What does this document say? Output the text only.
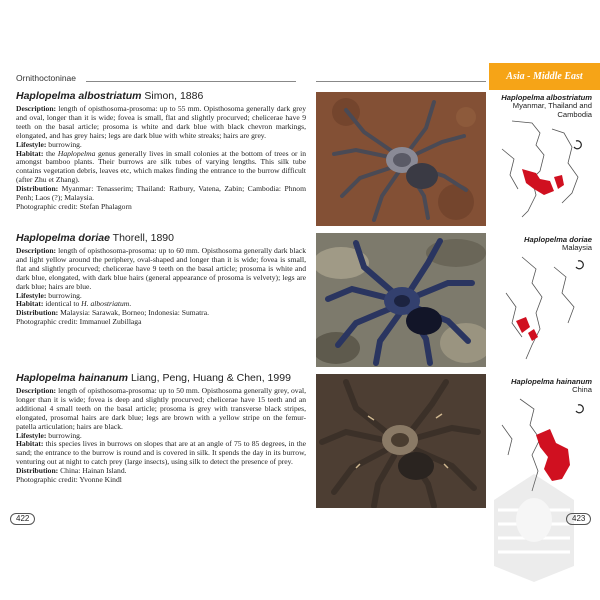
Ornithoctoninae	Asia - Middle East
Haplopelma albostriatum Simon, 1886

Description: length of opisthosoma-prosoma: up to 55 mm. Opisthosoma generally dark grey and oval, longer than it is wide; fovea is small, flat and slightly procurved; chelicerae have 9 teeth on the basal article; prosoma is white and dark blue with black chevron markings, elongated, and has grey hairs; legs are dark blue with white streaks; hairs are grey.

Lifestyle: burrowing.

Habitat: the Haplopelma genus generally lives in small colonies at the bottom of trees or in amongst bamboo plants. Their burrows are silk tubes of varying lengths. This silk tube contains vegetation debris, leaves etc, which makes finding the entrance to the burrow difficult (after Zhu et Zhang).

Distribution: Myanmar: Tenasserim; Thailand: Ratbury, Vatena, Zabin; Cambodia: Phnom Penh; Laos (?); Malaysia.

Photographic credit: Stefan Phalagorn

Haplopelma doriae Thorell, 1890

Description: length of opisthosoma-prosoma: up to 60 mm. Opisthosoma generally dark black and light yellow around the periphery, oval-shaped and longer than it is wide; fovea is small, flat and slightly procurved; chelicerae have 9 teeth on the basal article; prosoma is white and dark blue, elongated, with dark blue hairs (general appearance of prosoma is velvety); legs are dark blue; hairs are blue.

Lifestyle: burrowing.

Habitat: identical to H. albostriatum.

Distribution: Malaysia: Sarawak, Borneo; Indonesia: Sumatra.

Photographic credit: Immanuel Zubillaga

Haplopelma hainanum Liang, Peng, Huang & Chen, 1999

Description: length of opisthosoma-prosoma: up to 50 mm. Opisthosoma generally grey, oval, longer than it is wide; fovea is deep and slightly procurved; chelicerae have 15 teeth and an additional 4 small teeth on the basal article; prosoma is grey with transverse black stripes, elongated, prosomal hairs are dark blue; legs are brown with a yellow stripe on the femur-patella articulation; hairs are black.

Lifestyle: burrowing.

Habitat: this species lives in burrows on slopes that are at an angle of 75 to 85 degrees, in the sand; the entrance to the burrow is round and is covered in silk. It spends the day in its burrow, venturing out at night to catch prey (large insects), using silk to detect the presence of prey.

Distribution: China: Hainan Island.

Photographic credit: Yvonne Kindl

Haplopelma albostriatum
Myanmar, Thailand and Cambodia
Haplopelma doriae
Malaysia
Haplopelma hainanum
China
422	423
